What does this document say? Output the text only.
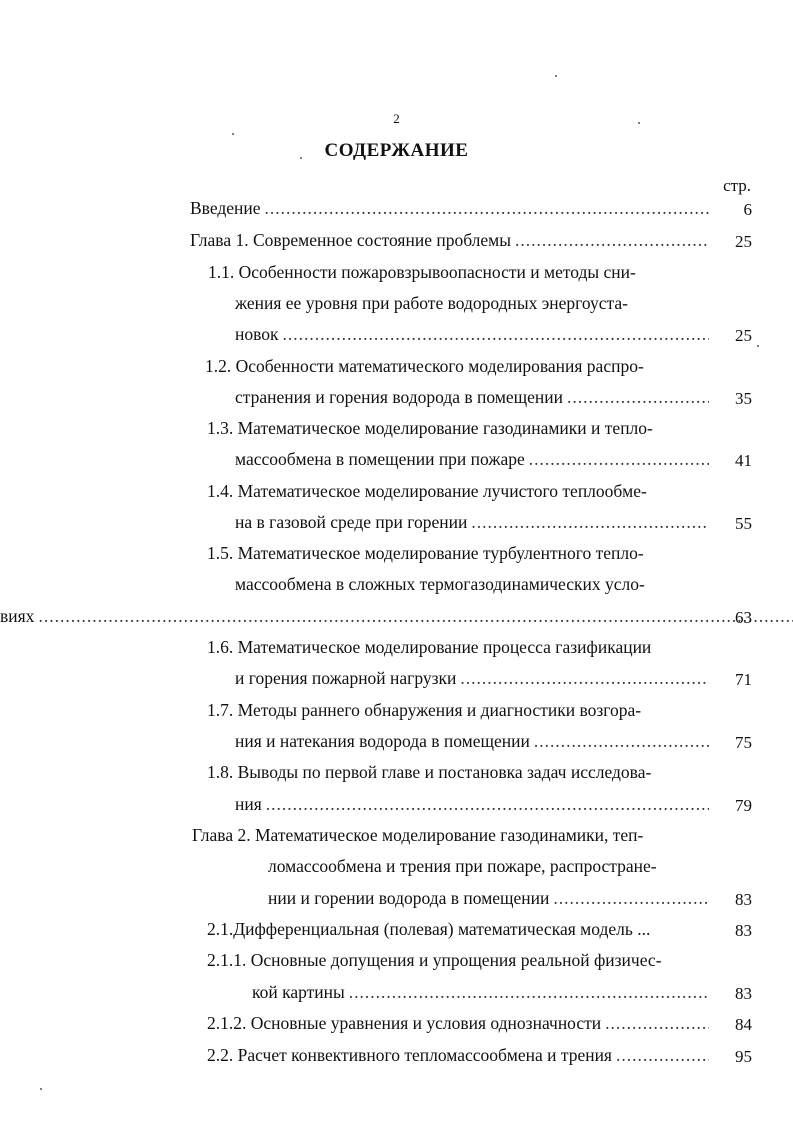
2
СОДЕРЖАНИЕ
стр.
Введение .....	6
Глава 1. Современное состояние проблемы .....	25
1.1. Особенности пожаровзрывоопасности и методы сни-
жения ее уровня при работе водородных энергоуста-
новок .....	25
1.2. Особенности математического моделирования распро-
странения и горения водорода в помещении .....	35
1.3. Математическое моделирование газодинамики и тепло-
массообмена в помещении при пожаре .....	41
1.4. Математическое моделирование лучистого теплообме-
на в газовой среде при горении .....	55
1.5. Математическое моделирование турбулентного тепло-
массообмена в сложных термогазодинамических усло-
виях .....	63
1.6. Математическое моделирование процесса газификации
и горения пожарной нагрузки .....	71
1.7. Методы раннего обнаружения и диагностики возгора-
ния и натекания водорода в помещении .....	75
1.8. Выводы по первой главе и постановка задач исследова-
ния .....	79
Глава 2. Математическое моделирование газодинамики, теп-
ломассообмена и трения при пожаре, распростране-
нии и горении водорода в помещении .....	83
2.1.Дифференциальная (полевая) математическая модель ...	83
2.1.1. Основные допущения и упрощения реальной физичес-
кой картины .....	83
2.1.2. Основные уравнения и условия однозначности .....	84
2.2. Расчет конвективного тепломассообмена и трения .....	95
